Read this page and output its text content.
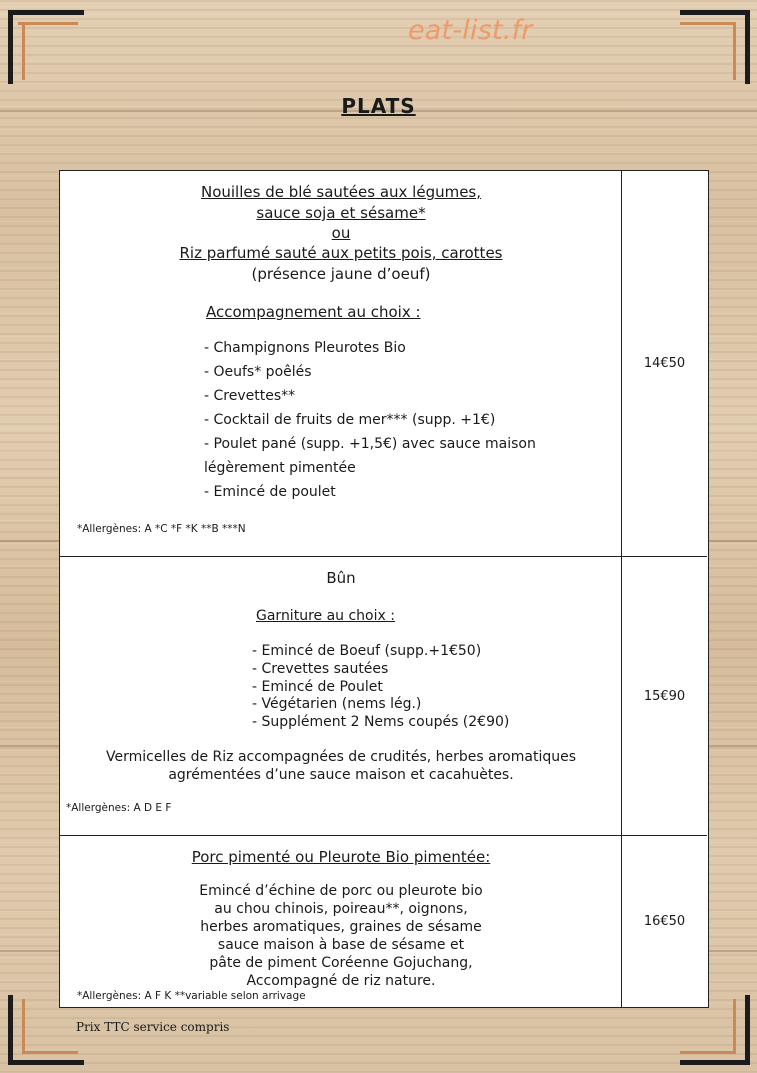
eat-list.fr
PLATS
Nouilles de blé sautées aux légumes,
sauce soja et sésame*
ou
Riz parfumé sauté aux petits pois, carottes
(présence jaune d’oeuf)
Accompagnement au choix :
- Champignons Pleurotes Bio
- Oeufs* poêlés
- Crevettes**
- Cocktail de fruits de mer*** (supp. +1€)
- Poulet pané (supp. +1,5€) avec sauce maison
légèrement pimentée
- Emincé de poulet
*Allergènes: A *C *F *K **B ***N
14€50
Bûn
Garniture au choix :
- Emincé de Boeuf (supp.+1€50)
- Crevettes sautées
- Emincé de Poulet
- Végétarien (nems lég.)
- Supplément 2 Nems coupés (2€90)
Vermicelles de Riz accompagnées de crudités, herbes aromatiques
agrémentées d’une sauce maison et cacahuètes.
*Allergènes: A D E F
15€90
Porc pimenté ou Pleurote Bio pimentée:
Emincé d’échine de porc ou pleurote bio
au chou chinois, poireau**, oignons,
herbes aromatiques, graines de sésame
sauce maison à base de sésame et
pâte de piment Coréenne Gojuchang,
Accompagné de riz nature.
*Allergènes: A F K **variable selon arrivage
16€50
Prix TTC service compris
